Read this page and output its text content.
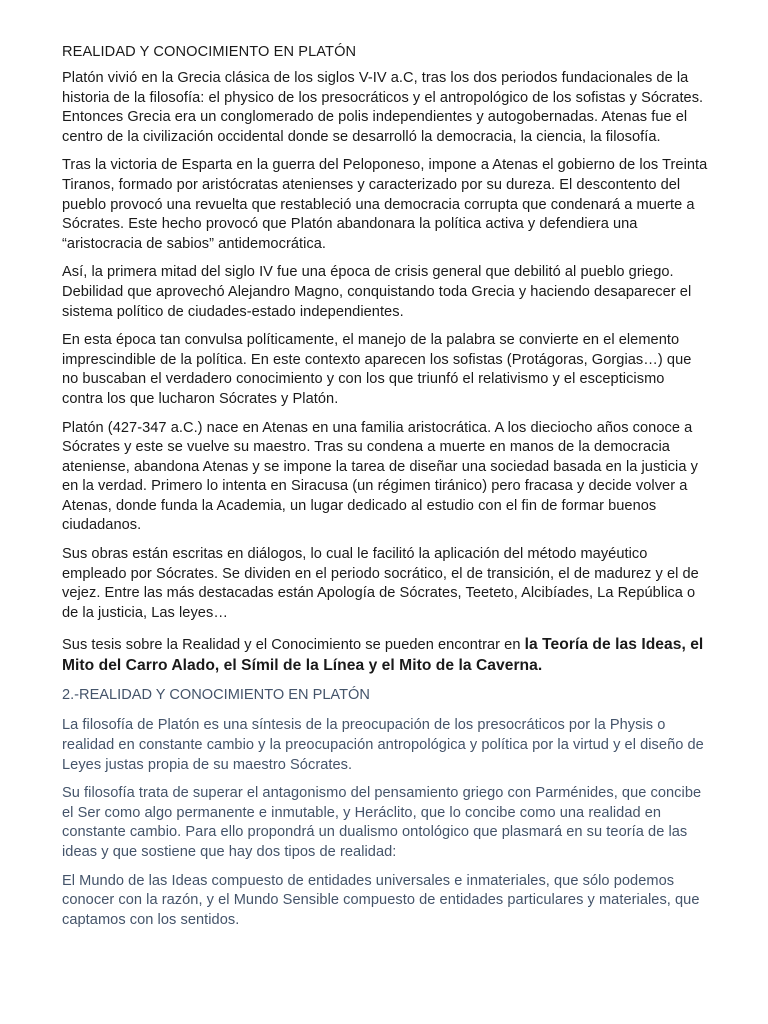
REALIDAD Y CONOCIMIENTO EN PLATÓN

Platón vivió en la Grecia clásica de los siglos V-IV a.C, tras los dos periodos fundacionales de la historia de la filosofía: el physico de los presocráticos y el antropológico de los sofistas y Sócrates. Entonces Grecia era un conglomerado de polis independientes y autogobernadas. Atenas fue el centro de la civilización occidental donde se desarrolló la democracia, la ciencia, la filosofía.

Tras la victoria de Esparta en la guerra del Peloponeso, impone a Atenas el gobierno de los Treinta Tiranos, formado por aristócratas atenienses y caracterizado por su dureza. El descontento del pueblo provocó una revuelta que restableció una democracia corrupta que condenará a muerte a Sócrates. Este hecho provocó que Platón abandonara la política activa y defendiera una “aristocracia de sabios” antidemocrática.

Así, la primera mitad del siglo IV fue una época de crisis general que debilitó al pueblo griego. Debilidad que aprovechó Alejandro Magno, conquistando toda Grecia y haciendo desaparecer el sistema político de ciudades-estado independientes.

En esta época tan convulsa políticamente, el manejo de la palabra se convierte en el elemento imprescindible de la política. En este contexto aparecen los sofistas (Protágoras, Gorgias…) que no buscaban el verdadero conocimiento y con los que triunfó el relativismo y el escepticismo contra los que lucharon Sócrates y Platón.

Platón (427-347 a.C.) nace en Atenas en una familia aristocrática. A los dieciocho años conoce a Sócrates y este se vuelve su maestro. Tras su condena a muerte en manos de la democracia ateniense, abandona Atenas y se impone la tarea de diseñar una sociedad basada en la justicia y en la verdad. Primero lo intenta en Siracusa (un régimen tiránico) pero fracasa y decide volver a Atenas, donde funda la Academia, un lugar dedicado al estudio con el fin de formar buenos ciudadanos.

Sus obras están escritas en diálogos, lo cual le facilitó la aplicación del método mayéutico empleado por Sócrates. Se dividen en el periodo socrático, el de transición, el de madurez y el de vejez. Entre las más destacadas están Apología de Sócrates, Teeteto, Alcibíades, La República o de la justicia, Las leyes…

Sus tesis sobre la Realidad y el Conocimiento se pueden encontrar en la Teoría de las Ideas, el Mito del Carro Alado, el Símil de la Línea y el Mito de la Caverna.

2.-REALIDAD Y CONOCIMIENTO EN PLATÓN

La filosofía de Platón es una síntesis de la preocupación de los presocráticos por la Physis o realidad en constante cambio y la preocupación antropológica y política por la virtud y el diseño de Leyes justas propia de su maestro Sócrates.

Su filosofía trata de superar el antagonismo del pensamiento griego con Parménides, que concibe el Ser como algo permanente e inmutable, y Heráclito, que lo concibe como una realidad en constante cambio. Para ello propondrá un dualismo ontológico que plasmará en su teoría de las ideas y que sostiene que hay dos tipos de realidad:

El Mundo de las Ideas compuesto de entidades universales e inmateriales, que sólo podemos conocer con la razón, y el Mundo Sensible compuesto de entidades particulares y materiales, que captamos con los sentidos.
